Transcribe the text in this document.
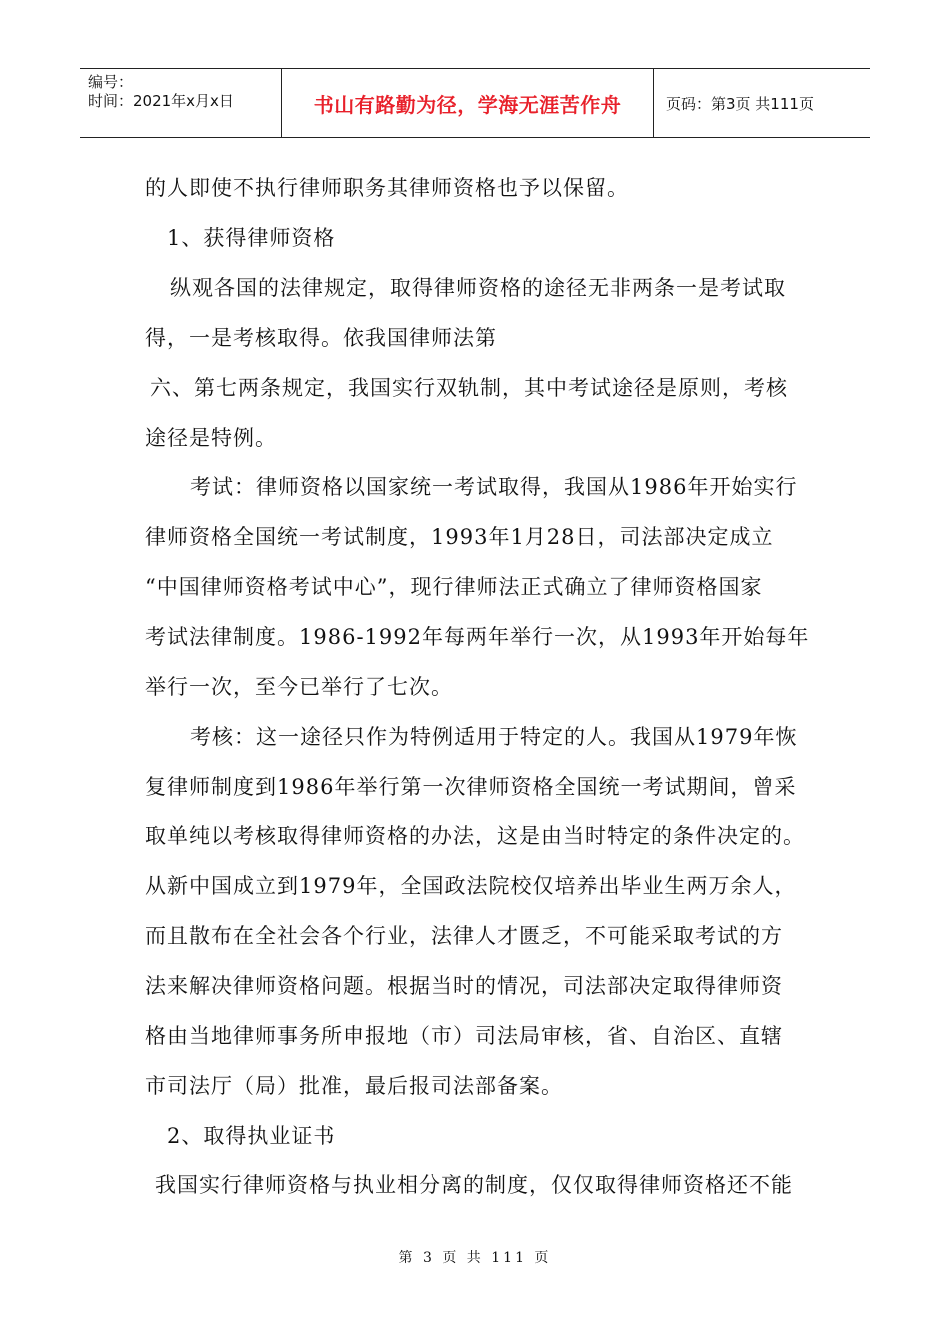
编号：
时间：2021年x月x日	书山有路勤为径，学海无涯苦作舟	页码：第3页 共111页
的人即使不执行律师职务其律师资格也予以保留。
1、获得律师资格
纵观各国的法律规定，取得律师资格的途径无非两条一是考试取
得，一是考核取得。依我国律师法第
六、第七两条规定，我国实行双轨制，其中考试途径是原则，考核
途径是特例。
考试：律师资格以国家统一考试取得，我国从1986年开始实行
律师资格全国统一考试制度，1993年1月28日，司法部决定成立
“中国律师资格考试中心”，现行律师法正式确立了律师资格国家
考试法律制度。1986-1992年每两年举行一次，从1993年开始每年
举行一次，至今已举行了七次。
考核：这一途径只作为特例适用于特定的人。我国从1979年恢
复律师制度到1986年举行第一次律师资格全国统一考试期间，曾采
取单纯以考核取得律师资格的办法，这是由当时特定的条件决定的。
从新中国成立到1979年，全国政法院校仅培养出毕业生两万余人，
而且散布在全社会各个行业，法律人才匮乏，不可能采取考试的方
法来解决律师资格问题。根据当时的情况，司法部决定取得律师资
格由当地律师事务所申报地（市）司法局审核，省、自治区、直辖
市司法厅（局）批准，最后报司法部备案。
2、取得执业证书
我国实行律师资格与执业相分离的制度，仅仅取得律师资格还不能
第 3 页 共 111 页
